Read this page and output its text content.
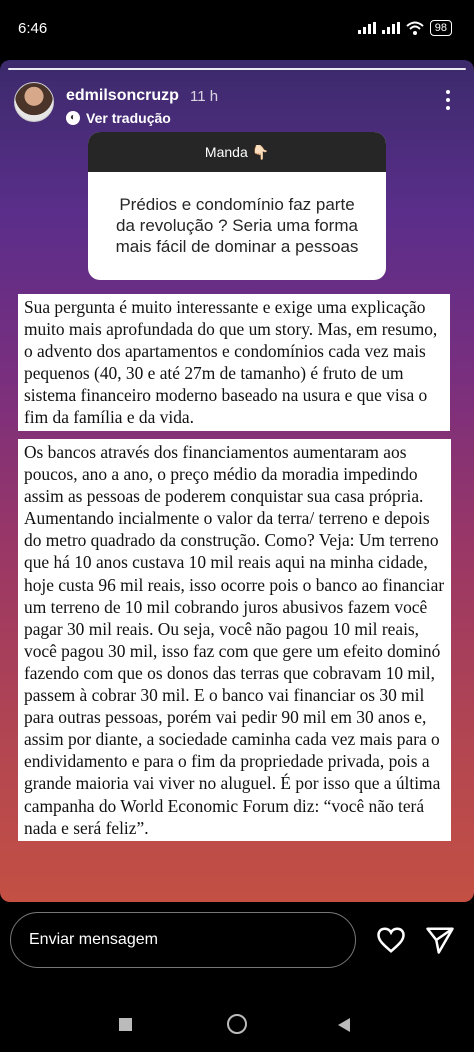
6:46	98
edmilsoncruzp 11 h
◐ Ver tradução
Manda 👇🏻
Prédios e condomínio faz parte da revolução ? Seria uma forma mais fácil de dominar a pessoas
Sua pergunta é muito interessante e exige uma explicação muito mais aprofundada do que um story. Mas, em resumo, o advento dos apartamentos e condomínios cada vez mais pequenos (40, 30 e até 27m de tamanho) é fruto de um sistema financeiro moderno baseado na usura e que visa o fim da família e da vida.
Os bancos através dos financiamentos aumentaram aos poucos, ano a ano, o preço médio da moradia impedindo assim as pessoas de poderem conquistar sua casa própria. Aumentando incialmente o valor da terra/ terreno e depois do metro quadrado da construção. Como? Veja: Um terreno que há 10 anos custava 10 mil reais aqui na minha cidade, hoje custa 96 mil reais, isso ocorre pois o banco ao financiar um terreno de 10 mil cobrando juros abusivos fazem você pagar 30 mil reais. Ou seja, você não pagou 10 mil reais, você pagou 30 mil, isso faz com que gere um efeito dominó fazendo com que os donos das terras que cobravam 10 mil, passem à cobrar 30 mil. E o banco vai financiar os 30 mil para outras pessoas, porém vai pedir 90 mil em 30 anos e, assim por diante, a sociedade caminha cada vez mais para o endividamento e para o fim da propriedade privada, pois a grande maioria vai viver no aluguel. É por isso que a última campanha do World Economic Forum diz: “você não terá nada e será feliz”.
Enviar mensagem
